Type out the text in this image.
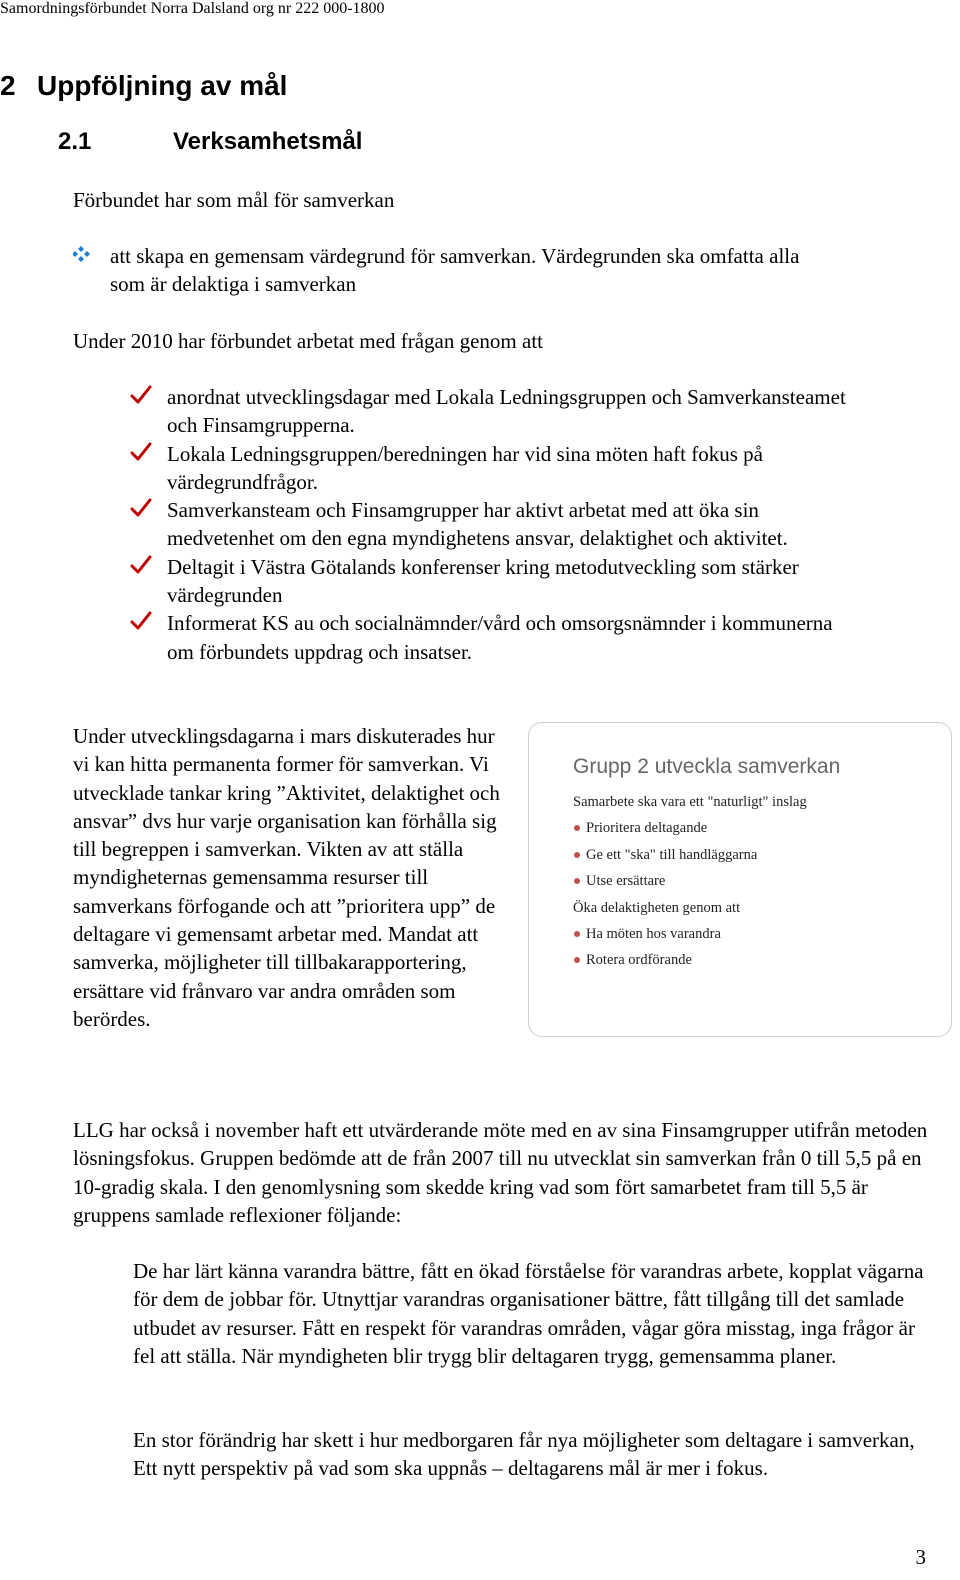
Samordningsförbundet Norra Dalsland org nr 222 000-1800
2 Uppföljning av mål
2.1	Verksamhetsmål
Förbundet har som mål för samverkan
att skapa en gemensam värdegrund för samverkan. Värdegrunden ska omfatta alla som är delaktiga i samverkan
Under 2010 har förbundet arbetat med frågan genom att
anordnat utvecklingsdagar med Lokala Ledningsgruppen och Samverkansteamet och Finsamgrupperna.
Lokala Ledningsgruppen/beredningen har vid sina möten haft fokus på värdegrundfrågor.
Samverkansteam och Finsamgrupper har aktivt arbetat med att öka sin medvetenhet om den egna myndighetens ansvar, delaktighet och aktivitet.
Deltagit i Västra Götalands konferenser kring metodutveckling som stärker värdegrunden
Informerat KS au och socialnämnder/vård och omsorgsnämnder i kommunerna om förbundets uppdrag och insatser.
Under utvecklingsdagarna i mars diskuterades hur vi kan hitta permanenta former för samverkan. Vi utvecklade tankar kring ”Aktivitet, delaktighet och ansvar” dvs hur varje organisation kan förhålla sig till begreppen i samverkan. Vikten av att ställa myndigheternas gemensamma resurser till samverkans förfogande och att ”prioritera upp” de deltagare vi gemensamt arbetar med. Mandat att samverka, möjligheter till tillbakarapportering, ersättare vid frånvaro var andra områden som berördes.
Grupp 2 utveckla samverkan
Samarbete ska vara ett "naturligt" inslag
Prioritera deltagande
Ge ett "ska" till handläggarna
Utse ersättare
Öka delaktigheten genom att
Ha möten hos varandra
Rotera ordförande
LLG har också i november haft ett utvärderande möte med en av sina Finsamgrupper utifrån metoden lösningsfokus. Gruppen bedömde att de från 2007 till nu utvecklat sin samverkan från 0 till 5,5 på en 10-gradig skala. I den genomlysning som skedde kring vad som fört samarbetet fram till 5,5 är gruppens samlade reflexioner följande:
De har lärt känna varandra bättre, fått en ökad förståelse för varandras arbete, kopplat vägarna för dem de jobbar för. Utnyttjar varandras organisationer bättre, fått tillgång till det samlade utbudet av resurser. Fått en respekt för varandras områden, vågar göra misstag, inga frågor är fel att ställa. När myndigheten blir trygg blir deltagaren trygg, gemensamma planer.
En stor förändrig har skett i hur medborgaren får nya möjligheter som deltagare i samverkan, Ett nytt perspektiv på vad som ska uppnås – deltagarens mål är mer i fokus.
3
